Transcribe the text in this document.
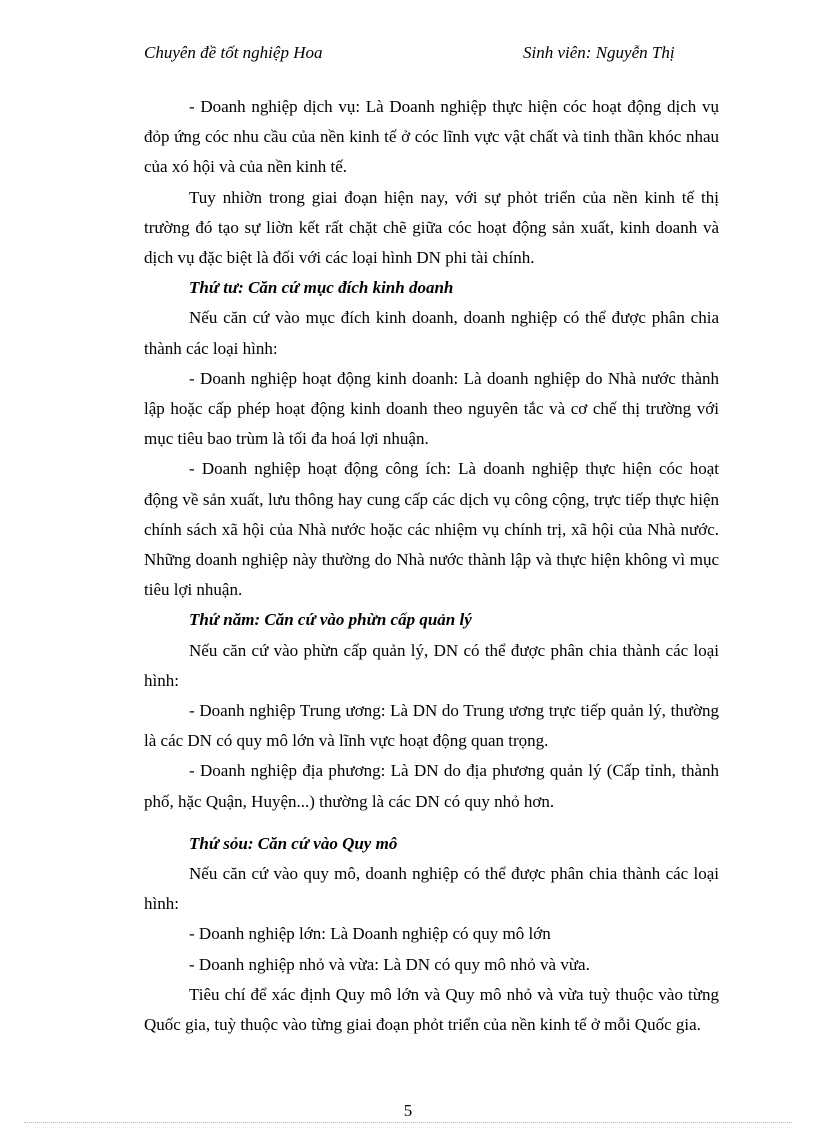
Chuyên đề tốt nghiệp Hoa	Sinh viên: Nguyễn Thị

- Doanh nghiệp dịch vụ: Là Doanh nghiệp thực hiện cóc hoạt động dịch vụ đỏp ứng cóc nhu cầu của nền kinh tế ở cóc lĩnh vực vật chất và tinh thần khóc nhau của xó hội và của nền kinh tế.

Tuy nhiờn trong giai đoạn hiện nay, với sự phỏt triển của nền kinh tế thị trường đó tạo sự liờn kết rất chặt chẽ giữa cóc hoạt động sản xuất, kinh doanh và dịch vụ đặc biệt là đối với các loại hình DN phi tài chính.

Thứ tư: Căn cứ mục đích kinh doanh

Nếu căn cứ vào mục đích kinh doanh, doanh nghiệp có thể được phân chia thành các loại hình:

- Doanh nghiệp hoạt động kinh doanh: Là doanh nghiệp do Nhà nước thành lập hoặc cấp phép hoạt động kinh doanh theo nguyên tắc và cơ chế thị trường với mục tiêu bao trùm là tối đa hoá lợi nhuận.

- Doanh nghiệp hoạt động công ích: Là doanh nghiệp thực hiện cóc hoạt động về sản xuất, lưu thông hay cung cấp các dịch vụ công cộng, trực tiếp thực hiện chính sách xã hội của Nhà nước hoặc các nhiệm vụ chính trị, xã hội của Nhà nước. Những doanh nghiệp này thường do Nhà nước thành lập và thực hiện không vì mục tiêu lợi nhuận.

Thứ năm: Căn cứ vào phừn cấp quản lý

Nếu căn cứ vào phừn cấp quản lý, DN có thể được phân chia thành các loại hình:

- Doanh nghiệp Trung ương: Là DN do Trung ương trực tiếp quản lý, thường là các DN có quy mô lớn và lĩnh vực hoạt động quan trọng.

- Doanh nghiệp địa phương: Là DN do địa phương quản lý (Cấp tỉnh, thành phố, hặc Quận, Huyện...) thường là các DN có quy nhỏ hơn.

Thứ sỏu: Căn cứ vào Quy mô

Nếu căn cứ vào quy mô, doanh nghiệp có thể được phân chia thành các loại hình:

- Doanh nghiệp lớn: Là Doanh nghiệp có quy mô lớn

- Doanh nghiệp nhỏ và vừa: Là DN có quy mô nhỏ và vừa.

Tiêu chí để xác định Quy mô lớn và Quy mô nhỏ và vừa tuỳ thuộc vào từng Quốc gia, tuỳ thuộc vào từng giai đoạn phỏt triển của nền kinh tế ở mỗi Quốc gia.

5
